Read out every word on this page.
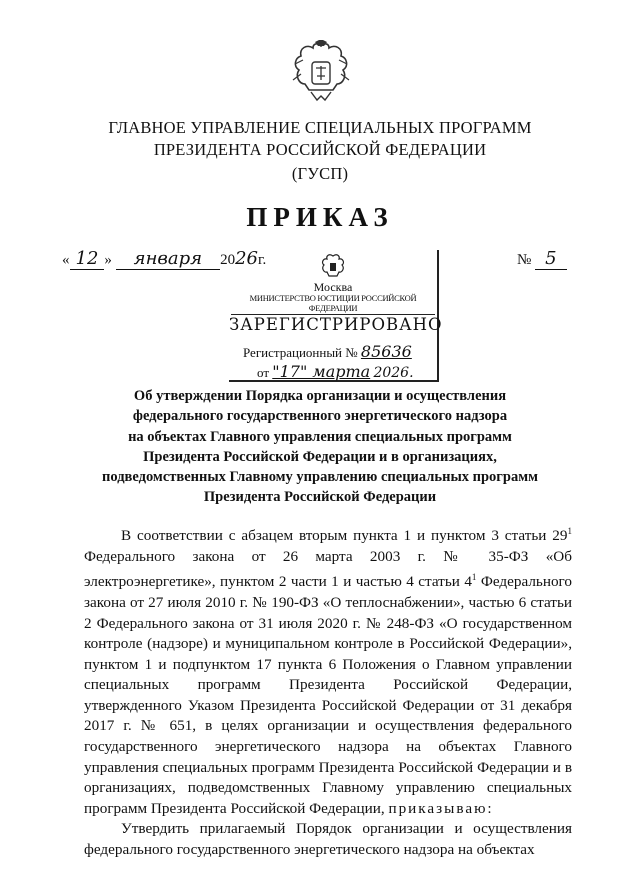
ГЛАВНОЕ УПРАВЛЕНИЕ СПЕЦИАЛЬНЫХ ПРОГРАММ
ПРЕЗИДЕНТА РОССИЙСКОЙ ФЕДЕРАЦИИ
(ГУСП)
ПРИКАЗ
« 12 » января 2026г.	№ 5
Москва
МИНИСТЕРСТВО ЮСТИЦИИ РОССИЙСКОЙ ФЕДЕРАЦИИ
ЗАРЕГИСТРИРОВАНО
Регистрационный № 85636
от "17" марта 2026.
Об утверждении Порядка организации и осуществления
федерального государственного энергетического надзора
на объектах Главного управления специальных программ
Президента Российской Федерации и в организациях,
подведомственных Главному управлению специальных программ
Президента Российской Федерации

В соответствии с абзацем вторым пункта 1 и пунктом 3 статьи $29^1$ Федерального закона от 26 марта 2003 г. № 35-ФЗ «Об электроэнергетике», пунктом 2 части 1 и частью 4 статьи $4^1$ Федерального закона от 27 июля 2010 г. № 190-ФЗ «О теплоснабжении», частью 6 статьи 2 Федерального закона от 31 июля 2020 г. № 248-ФЗ «О государственном контроле (надзоре) и муниципальном контроле в Российской Федерации», пунктом 1 и подпунктом 17 пункта 6 Положения о Главном управлении специальных программ Президента Российской Федерации, утвержденного Указом Президента Российской Федерации от 31 декабря 2017 г. № 651, в целях организации и осуществления федерального государственного энергетического надзора на объектах Главного управления специальных программ Президента Российской Федерации и в организациях, подведомственных Главному управлению специальных программ Президента Российской Федерации, приказываю:

Утвердить прилагаемый Порядок организации и осуществления федерального государственного энергетического надзора на объектах
